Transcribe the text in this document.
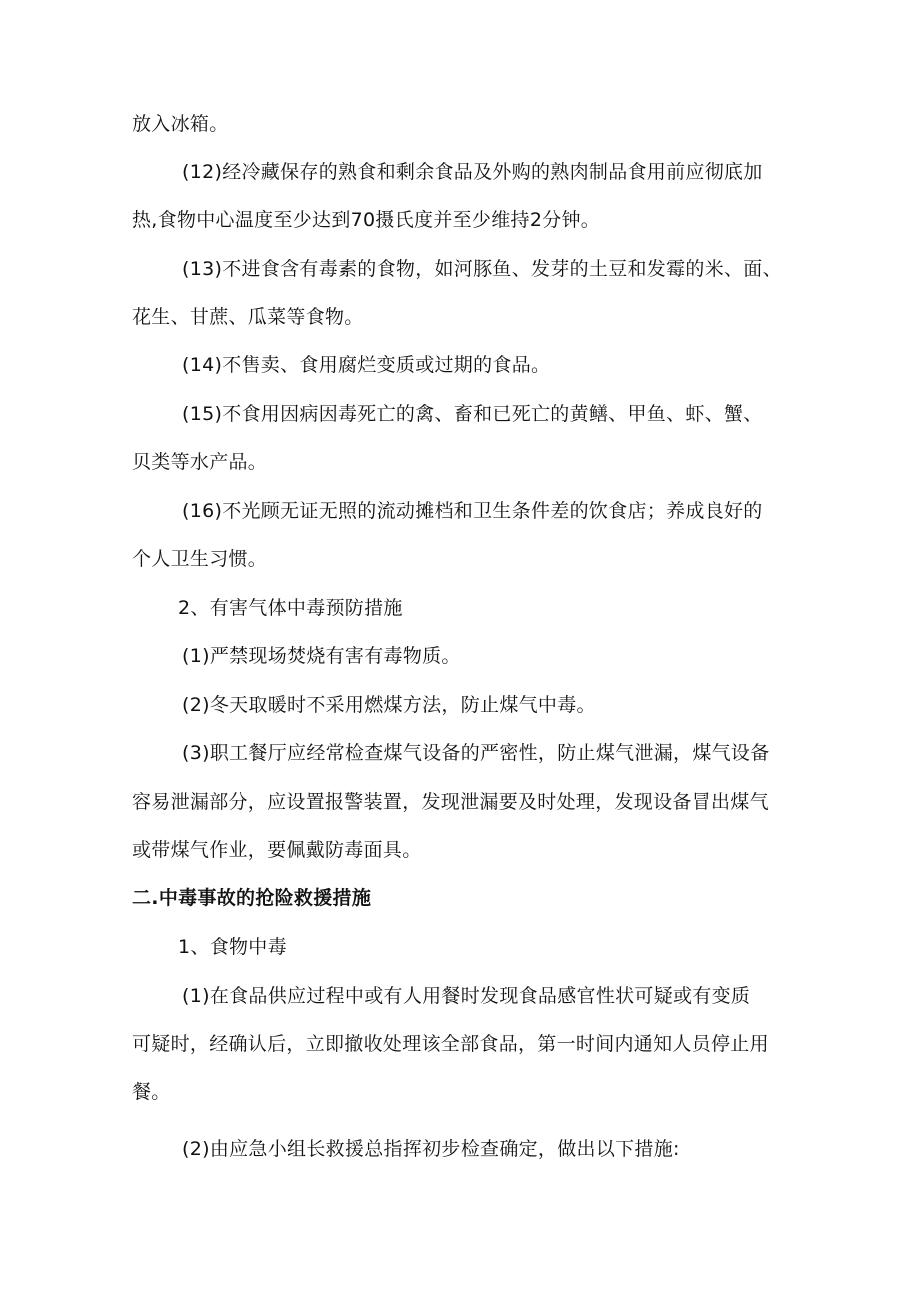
放入冰箱。
(12)经冷藏保存的熟食和剩余食品及外购的熟肉制品食用前应彻底加
热,食物中心温度至少达到70摄氏度并至少维持2分钟。
(13)不进食含有毒素的食物，如河豚鱼、发芽的土豆和发霉的米、面、
花生、甘蔗、瓜菜等食物。
(14)不售卖、食用腐烂变质或过期的食品。
(15)不食用因病因毒死亡的禽、畜和已死亡的黄鳝、甲鱼、虾、蟹、
贝类等水产品。
(16)不光顾无证无照的流动摊档和卫生条件差的饮食店；养成良好的
个人卫生习惯。
2、有害气体中毒预防措施
(1)严禁现场焚烧有害有毒物质。
(2)冬天取暖时不采用燃煤方法，防止煤气中毒。
(3)职工餐厅应经常检查煤气设备的严密性，防止煤气泄漏，煤气设备
容易泄漏部分，应设置报警装置，发现泄漏要及时处理，发现设备冒出煤气
或带煤气作业，要佩戴防毒面具。
二.中毒事故的抢险救援措施
1、食物中毒
(1)在食品供应过程中或有人用餐时发现食品感官性状可疑或有变质
可疑时，经确认后，立即撤收处理该全部食品，第一时间内通知人员停止用
餐。
(2)由应急小组长救援总指挥初步检查确定，做出以下措施:
